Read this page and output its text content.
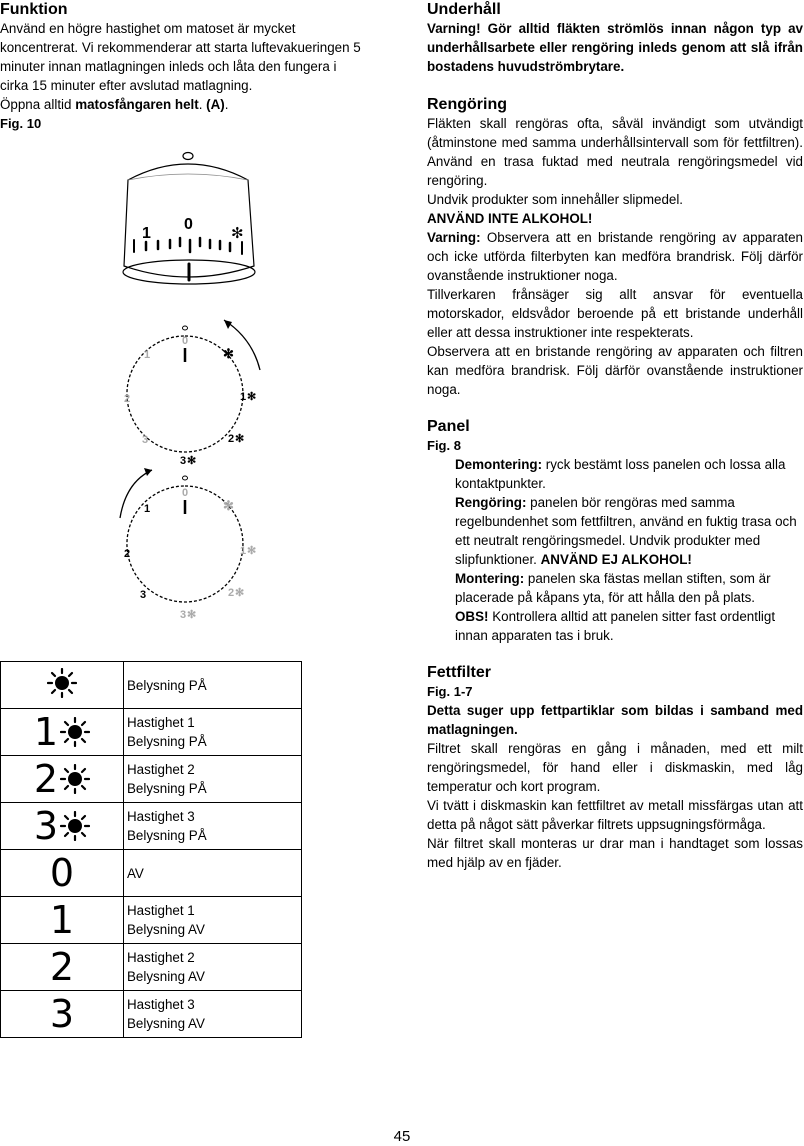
Funktion

Använd en högre hastighet om matoset är mycket

koncentrerat. Vi rekommenderar att starta luftevakueringen 5

minuter innan matlagningen inleds och låta den fungera i

cirka 15 minuter efter avslutad matlagning.

Öppna alltid matosfångaren helt. (A).

Fig. 10

1
0	✻
0
1
2
3
✻
1 ✻
2 ✻
3 ✻
0
1
2
3
✻
1 ✻
2 ✻
3 ✻

Belysning PÅ

1	Hastighet 1
Belysning PÅ

2	Hastighet 2
Belysning PÅ

3	Hastighet 3
Belysning PÅ

0	AV

1	Hastighet 1
Belysning AV

2	Hastighet 2
Belysning AV

3	Hastighet 3
Belysning AV
Underhåll

Varning! Gör alltid fläkten strömlös innan någon typ av underhållsarbete eller rengöring inleds genom att slå ifrån bostadens huvudströmbrytare.

Rengöring

Fläkten skall rengöras ofta, såväl invändigt som utvändigt (åtminstone med samma underhållsintervall som för fettfiltren). Använd en trasa fuktad med neutrala rengöringsmedel vid rengöring.

Undvik produkter som innehåller slipmedel.

ANVÄND INTE ALKOHOL!

Varning: Observera att en bristande rengöring av apparaten och icke utförda filterbyten kan medföra brandrisk. Följ därför ovanstående instruktioner noga.

Tillverkaren frånsäger sig allt ansvar för eventuella motorskador, eldsvådor beroende på ett bristande underhåll eller att dessa instruktioner inte respekterats.

Observera att en bristande rengöring av apparaten och filtren kan medföra brandrisk. Följ därför ovanstående instruktioner noga.

Panel

Fig. 8

Demontering: ryck bestämt loss panelen och lossa alla kontaktpunkter.

Rengöring: panelen bör rengöras med samma regelbundenhet som fettfiltren, använd en fuktig trasa och ett neutralt rengöringsmedel. Undvik produkter med slipfunktioner. ANVÄND EJ ALKOHOL!

Montering: panelen ska fästas mellan stiften, som är placerade på kåpans yta, för att hålla den på plats.

OBS! Kontrollera alltid att panelen sitter fast ordentligt innan apparaten tas i bruk.

Fettfilter

Fig. 1-7

Detta suger upp fettpartiklar som bildas i samband med matlagningen.

Filtret skall rengöras en gång i månaden, med ett milt rengöringsmedel, för hand eller i diskmaskin, med låg temperatur och kort program.

Vi tvätt i diskmaskin kan fettfiltret av metall missfärgas utan att detta på något sätt påverkar filtrets uppsugningsförmåga.

När filtret skall monteras ur drar man i handtaget som lossas med hjälp av en fjäder.

45
